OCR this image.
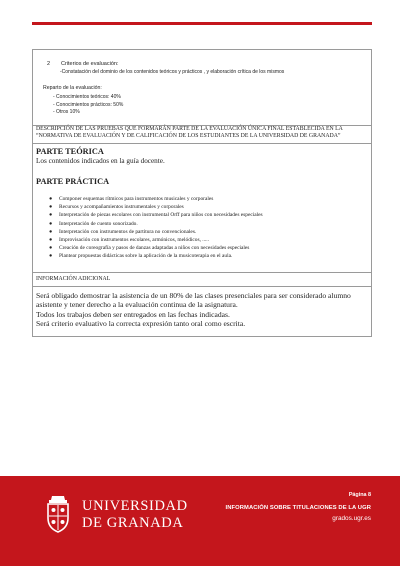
2 Criterios de evaluación:
-Constatación del dominio de los contenidos teóricos y prácticos , y elaboración crítica de los mismos
Reparto de la evaluación:
- Conocimientos teóricos: 40%
- Conocimientos prácticos: 50%
- Otros 10%
DESCRIPCIÓN DE LAS PRUEBAS QUE FORMARÁN PARTE DE LA EVALUACIÓN ÚNICA FINAL ESTABLECIDA EN LA “NORMATIVA DE EVALUACIÓN Y DE CALIFICACIÓN DE LOS ESTUDIANTES DE LA UNIVERSIDAD DE GRANADA”
PARTE TEÓRICA
Los contenidos indicados en la guía docente.
PARTE PRÁCTICA
● Componer esquemas rítmicos para instrumentos musicales y corporales
● Recursos y acompañamientos instrumentales y corporales
● Interpretación de piezas escolares con instrumental Orff para niños con necesidades especiales
● Interpretación de cuento sonorizado.
● Interpretación con instrumentos de partitura no convencionales.
● Improvisación con instrumentos escolares, armónicos, melódicos, .....
● Creación de coreografía y pasos de danzas adaptadas a niños con necesidades especiales
● Plantear propuestas didácticas sobre la aplicación de la musicoterapia en el aula.
INFORMACIÓN ADICIONAL

Será obligado demostrar la asistencia de un 80% de las clases presenciales para ser considerado alumno asistente y tener derecho a la evaluación continua de la asignatura.

Todos los trabajos deben ser entregados en las fechas indicadas.

Será criterio evaluativo la correcta expresión tanto oral como escrita.

UNIVERSIDAD
DE GRANADA
Página 8
INFORMACIÓN SOBRE TITULACIONES DE LA UGR
grados.ugr.es
